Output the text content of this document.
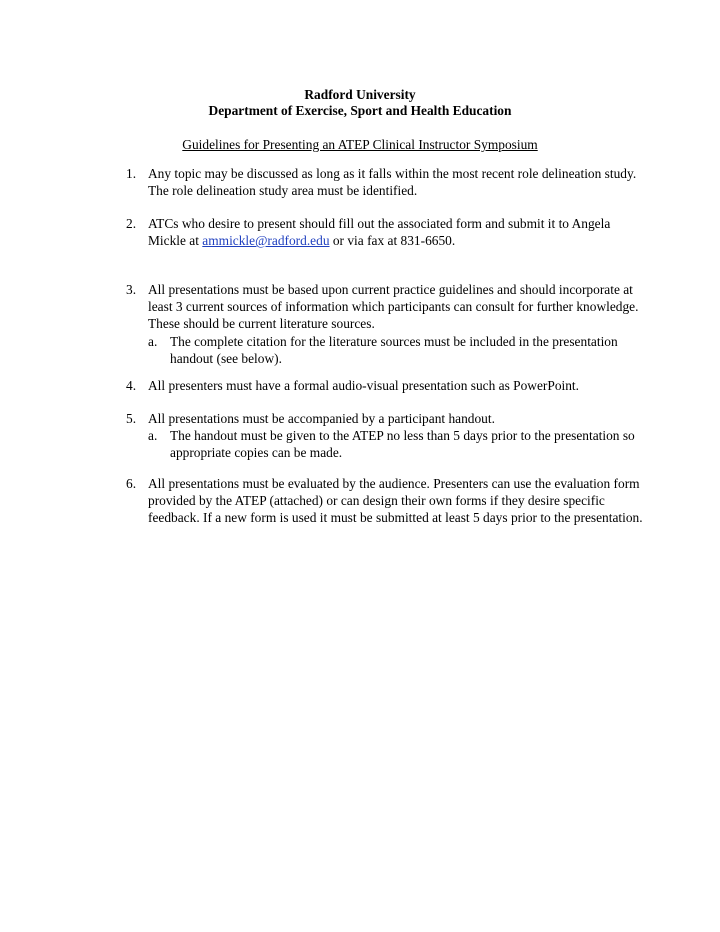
Radford University
Department of Exercise, Sport and Health Education
Guidelines for Presenting an ATEP Clinical Instructor Symposium
1. Any topic may be discussed as long as it falls within the most recent role delineation study. The role delineation study area must be identified.
2. ATCs who desire to present should fill out the associated form and submit it to Angela Mickle at ammickle@radford.edu or via fax at 831-6650.
3. All presentations must be based upon current practice guidelines and should incorporate at least 3 current sources of information which participants can consult for further knowledge. These should be current literature sources.
a. The complete citation for the literature sources must be included in the presentation handout (see below).
4. All presenters must have a formal audio-visual presentation such as PowerPoint.
5. All presentations must be accompanied by a participant handout.
a. The handout must be given to the ATEP no less than 5 days prior to the presentation so appropriate copies can be made.
6. All presentations must be evaluated by the audience. Presenters can use the evaluation form provided by the ATEP (attached) or can design their own forms if they desire specific feedback. If a new form is used it must be submitted at least 5 days prior to the presentation.
